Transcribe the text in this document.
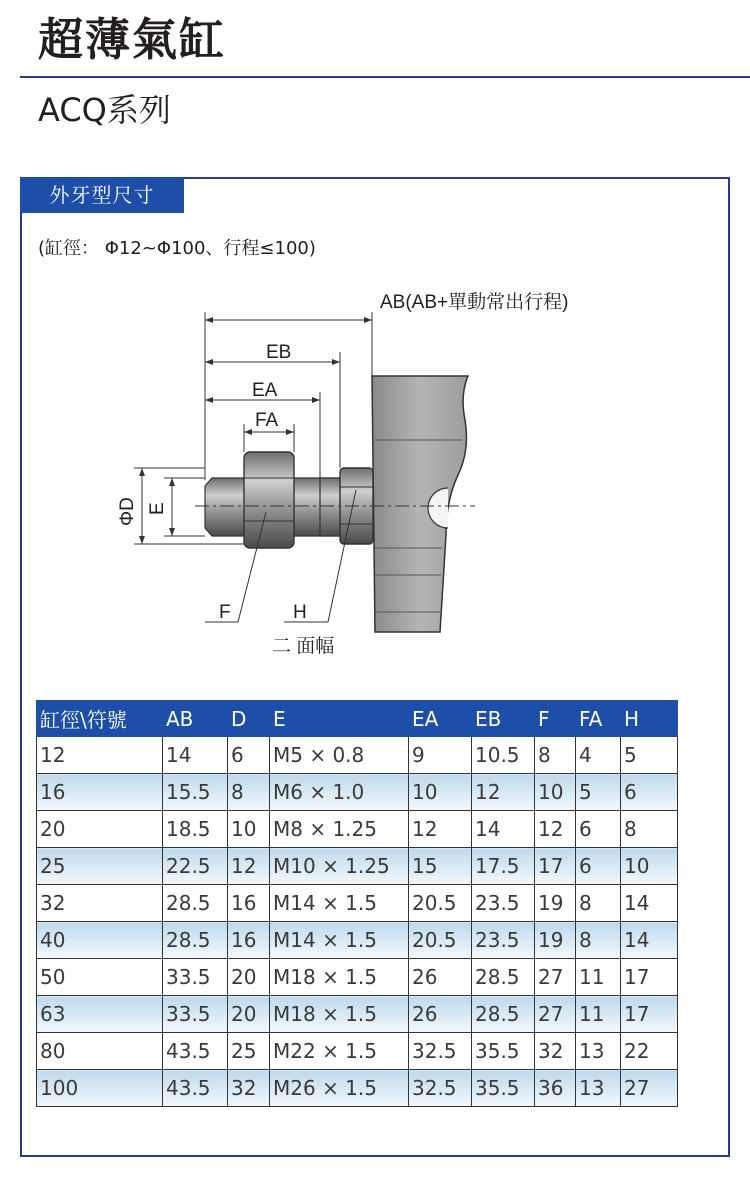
超薄氣缸
ACQ系列
外牙型尺寸
(缸徑： Φ12~Φ100、行程≤100)
AB(AB+單動常出行程)
EB
EA
FA
F	H
二 面幅
ΦD E
缸徑\符號	AB	D	E	EA	EB	F	FA	H
12	14	6	M5 × 0.8	9	10.5	8	4	5
16	15.5	8	M6 × 1.0	10	12	10	5	6
20	18.5	10	M8 × 1.25	12	14	12	6	8
25	22.5	12	M10 × 1.25	15	17.5	17	6	10
32	28.5	16	M14 × 1.5	20.5	23.5	19	8	14
40	28.5	16	M14 × 1.5	20.5	23.5	19	8	14
50	33.5	20	M18 × 1.5	26	28.5	27	11	17
63	33.5	20	M18 × 1.5	26	28.5	27	11	17
80	43.5	25	M22 × 1.5	32.5	35.5	32	13	22
100	43.5	32	M26 × 1.5	32.5	35.5	36	13	27
